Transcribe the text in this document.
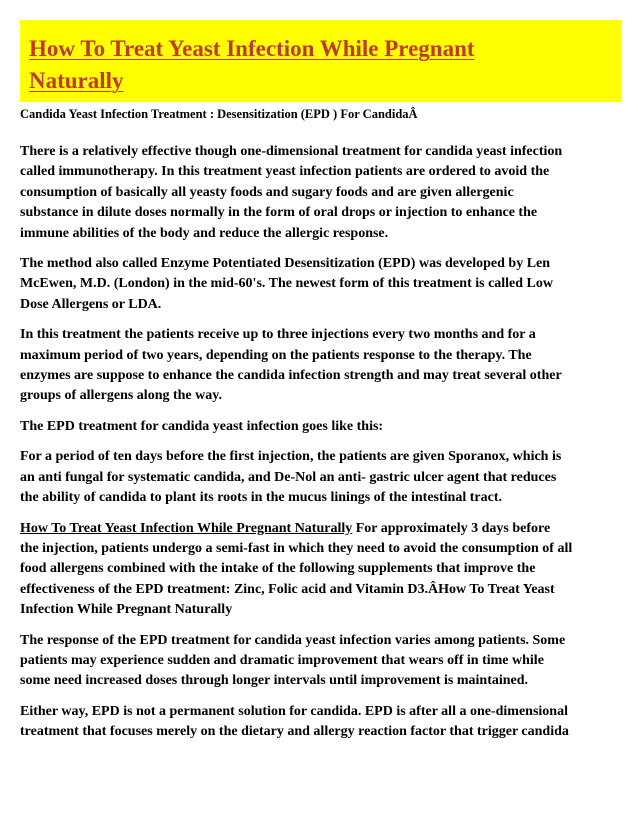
How To Treat Yeast Infection While Pregnant
Naturally

Candida Yeast Infection Treatment : Desensitization (EPD ) For CandidaÂ

There is a relatively effective though one-dimensional treatment for candida yeast infection
called immunotherapy. In this treatment yeast infection patients are ordered to avoid the
consumption of basically all yeasty foods and sugary foods and are given allergenic
substance in dilute doses normally in the form of oral drops or injection to enhance the
immune abilities of the body and reduce the allergic response.

The method also called Enzyme Potentiated Desensitization (EPD) was developed by Len
McEwen, M.D. (London) in the mid-60's. The newest form of this treatment is called Low
Dose Allergens or LDA.

In this treatment the patients receive up to three injections every two months and for a
maximum period of two years, depending on the patients response to the therapy. The
enzymes are suppose to enhance the candida infection strength and may treat several other
groups of allergens along the way.

The EPD treatment for candida yeast infection goes like this:

For a period of ten days before the first injection, the patients are given Sporanox, which is
an anti fungal for systematic candida, and De-Nol an anti- gastric ulcer agent that reduces
the ability of candida to plant its roots in the mucus linings of the intestinal tract.

How To Treat Yeast Infection While Pregnant Naturally For approximately 3 days before
the injection, patients undergo a semi-fast in which they need to avoid the consumption of all
food allergens combined with the intake of the following supplements that improve the
effectiveness of the EPD treatment: Zinc, Folic acid and Vitamin D3.ÂHow To Treat Yeast
Infection While Pregnant Naturally

The response of the EPD treatment for candida yeast infection varies among patients. Some
patients may experience sudden and dramatic improvement that wears off in time while
some need increased doses through longer intervals until improvement is maintained.

Either way, EPD is not a permanent solution for candida. EPD is after all a one-dimensional
treatment that focuses merely on the dietary and allergy reaction factor that trigger candida
